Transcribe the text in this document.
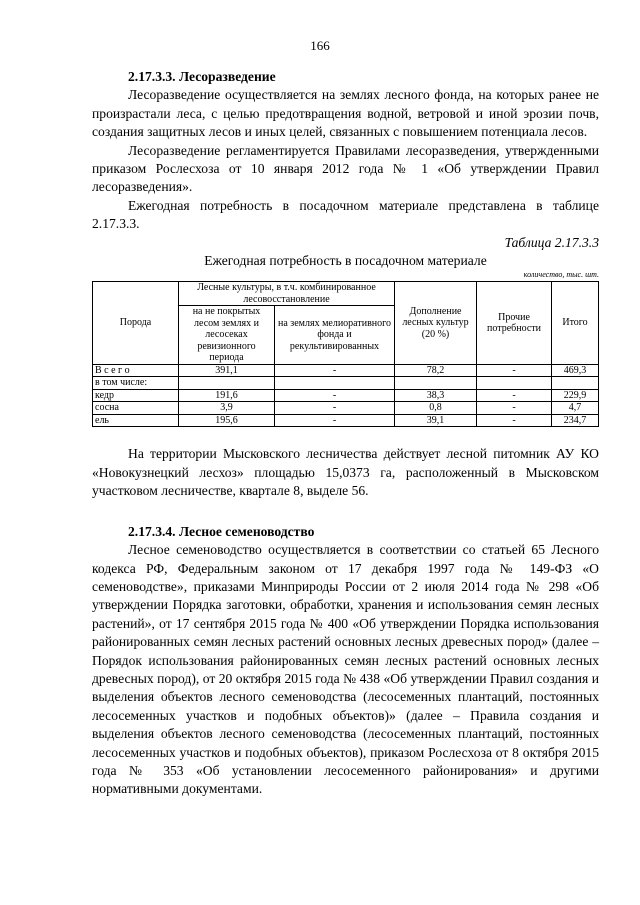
166

2.17.3.3. Лесоразведение

Лесоразведение осуществляется на землях лесного фонда, на которых ранее не произрастали леса, с целью предотвращения водной, ветровой и иной эрозии почв, создания защитных лесов и иных целей, связанных с повышением потенциала лесов.

Лесоразведение регламентируется Правилами лесоразведения, утвержденными приказом Рослесхоза от 10 января 2012 года № 1 «Об утверждении Правил лесоразведения».

Ежегодная потребность в посадочном материале представлена в таблице 2.17.3.3.

Таблица 2.17.3.3

Ежегодная потребность в посадочном материале

количество, тыс. шт.

Порода	Лесные культуры, в т.ч. комбинированное лесовосстановление		Дополнение лесных культур (20 %)	Прочие потребности	Итого
	на не покрытых лесом землях и лесосеках ревизионного периода	на землях мелиоративного фонда и рекультивированных			
В с е г о	391,1	-	78,2	-	469,3
в том числе:					
кедр	191,6	-	38,3	-	229,9
сосна	3,9	-	0,8	-	4,7
ель	195,6	-	39,1	-	234,7

На территории Мысковского лесничества действует лесной питомник АУ КО «Новокузнецкий лесхоз» площадью 15,0373 га, расположенный в Мысковском участковом лесничестве, квартале 8, выделе 56.

2.17.3.4. Лесное семеноводство

Лесное семеноводство осуществляется в соответствии со статьей 65 Лесного кодекса РФ, Федеральным законом от 17 декабря 1997 года № 149-ФЗ «О семеноводстве», приказами Минприроды России от 2 июля 2014 года № 298 «Об утверждении Порядка заготовки, обработки, хранения и использования семян лесных растений», от 17 сентября 2015 года № 400 «Об утверждении Порядка использования районированных семян лесных растений основных лесных древесных пород» (далее – Порядок использования районированных семян лесных растений основных лесных древесных пород), от 20 октября 2015 года № 438 «Об утверждении Правил создания и выделения объектов лесного семеноводства (лесосеменных плантаций, постоянных лесосеменных участков и подобных объектов)» (далее – Правила создания и выделения объектов лесного семеноводства (лесосеменных плантаций, постоянных лесосеменных участков и подобных объектов), приказом Рослесхоза от 8 октября 2015 года № 353 «Об установлении лесосеменного районирования» и другими нормативными документами.
